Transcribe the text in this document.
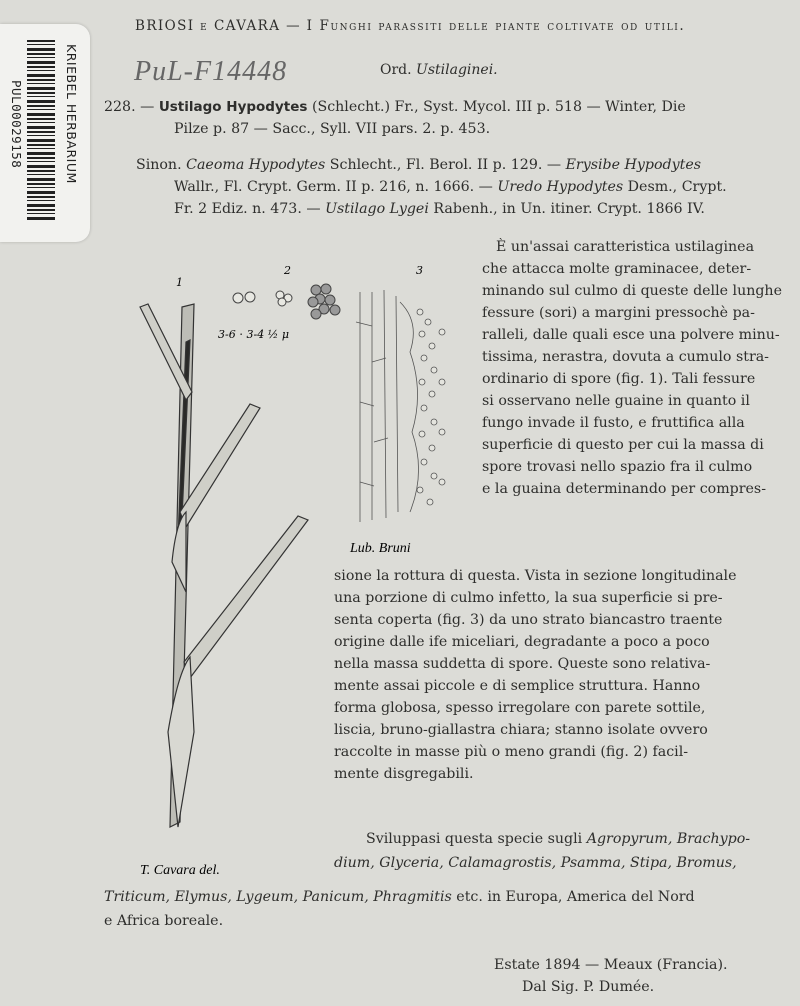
KRIEBEL HERBARIUM
PUL00029158
BRIOSI e CAVARA — I Funghi parassiti delle piante coltivate od utili.
PuL-F14448	Ord. Ustilaginei.
228. — Ustilago Hypodytes (Schlecht.) Fr., Syst. Mycol. III p. 518 — Winter, Die
Pilze p. 87 — Sacc., Syll. VII pars. 2. p. 453.
Sinon. Caeoma Hypodytes Schlecht., Fl. Berol. II p. 129. — Erysibe Hypodytes
Wallr., Fl. Crypt. Germ. II p. 216, n. 1666. — Uredo Hypodytes Desm., Crypt.
Fr. 2 Ediz. n. 473. — Ustilago Lygei Rabenh., in Un. itiner. Crypt. 1866 IV.
1
2
3-6 ⋅ 3-4 ½ μ
3
Lub. Bruni
T. Cavara del.
È un'assai caratteristica ustilaginea
che attacca molte graminacee, deter-
minando sul culmo di queste delle lunghe
fessure (sori) a margini pressochè pa-
ralleli, dalle quali esce una polvere minu-
tissima, nerastra, dovuta a cumulo stra-
ordinario di spore (fig. 1). Tali fessure
si osservano nelle guaine in quanto il
fungo invade il fusto, e fruttifica alla
superficie di questo per cui la massa di
spore trovasi nello spazio fra il culmo
e la guaina determinando per compres-
sione la rottura di questa. Vista in sezione longitudinale
una porzione di culmo infetto, la sua superficie si pre-
senta coperta (fig. 3) da uno strato biancastro traente
origine dalle ife miceliari, degradante a poco a poco
nella massa suddetta di spore. Queste sono relativa-
mente assai piccole e di semplice struttura. Hanno
forma globosa, spesso irregolare con parete sottile,
liscia, bruno-giallastra chiara; stanno isolate ovvero
raccolte in masse più o meno grandi (fig. 2) facil-
mente disgregabili.
Sviluppasi questa specie sugli Agropyrum, Brachypo-
dium, Glyceria, Calamagrostis, Psamma, Stipa, Bromus,
Triticum, Elymus, Lygeum, Panicum, Phragmitis etc. in Europa, America del Nord
e Africa boreale.
Estate 1894 — Meaux (Francia).
Dal Sig. P. Dumée.
